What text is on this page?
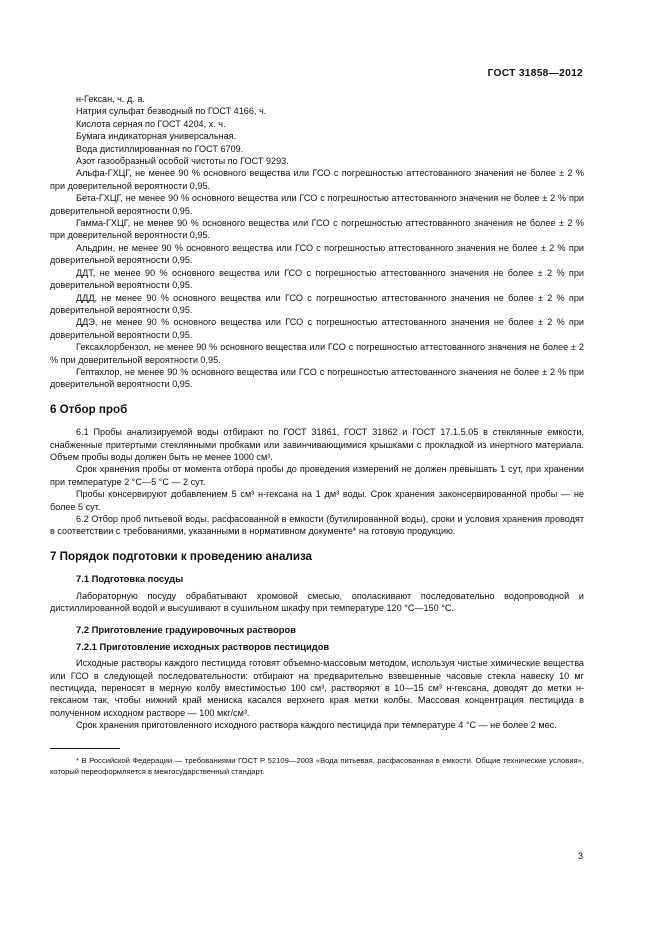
ГОСТ 31858—2012

н-Гексан, ч. д. а.

Натрия сульфат безводный по ГОСТ 4166, ч.

Кислота серная по ГОСТ 4204, х. ч.

Бумага индикаторная универсальная.

Вода дистиллированная по ГОСТ 6709.

Азот газообразный особой чистоты по ГОСТ 9293.

Альфа-ГХЦГ, не менее 90 % основного вещества или ГСО с погрешностью аттестованного значения не более ± 2 % при доверительной вероятности 0,95.

Бета-ГХЦГ, не менее 90 % основного вещества или ГСО с погрешностью аттестованного значения не более ± 2 % при доверительной вероятности 0,95.

Гамма-ГХЦГ, не менее 90 % основного вещества или ГСО с погрешностью аттестованного значения не более ± 2 % при доверительной вероятности 0,95.

Альдрин, не менее 90 % основного вещества или ГСО с погрешностью аттестованного значения не более ± 2 % при доверительной вероятности 0,95.

ДДТ, не менее 90 % основного вещества или ГСО с погрешностью аттестованного значения не более ± 2 % при доверительной вероятности 0,95.

ДДД, не менее 90 % основного вещества или ГСО с погрешностью аттестованного значения не более ± 2 % при доверительной вероятности 0,95.

ДДЭ, не менее 90 % основного вещества или ГСО с погрешностью аттестованного значения не более ± 2 % при доверительной вероятности 0,95.

Гексахлорбензол, не менее 90 % основного вещества или ГСО с погрешностью аттестованного значения не более ± 2 % при доверительной вероятности 0,95.

Гептахлор, не менее 90 % основного вещества или ГСО с погрешностью аттестованного значения не более ± 2 % при доверительной вероятности 0,95.

6 Отбор проб

6.1 Пробы анализируемой воды отбирают по ГОСТ 31861, ГОСТ 31862 и ГОСТ 17.1.5.05 в стеклянные емкости, снабженные притертыми стеклянными пробками или завинчивающимися крышками с прокладкой из инертного материала. Объем пробы воды должен быть не менее 1000 см³.

Срок хранения пробы от момента отбора пробы до проведения измерений не должен превышать 1 сут, при хранении при температуре 2 °С—5 °С — 2 сут.

Пробы консервируют добавлением 5 см³ н-гексана на 1 дм³ воды. Срок хранения законсервированной пробы — не более 5 сут.

6.2 Отбор проб питьевой воды, расфасованной в емкости (бутилированной воды), сроки и условия хранения проводят в соответствии с требованиями, указанными в нормативном документе* на готовую продукцию.

7 Порядок подготовки к проведению анализа
7.1 Подготовка посуды

Лабораторную посуду обрабатывают хромовой смесью, ополаскивают последовательно водопроводной и дистиллированной водой и высушивают в сушильном шкафу при температуре 120 °С—150 °С.

7.2 Приготовление градуировочных растворов
7.2.1 Приготовление исходных растворов пестицидов

Исходные растворы каждого пестицида готовят объемно-массовым методом, используя чистые химические вещества или ГСО в следующей последовательности: отбирают на предварительно взвешенные часовые стекла навеску 10 мг пестицида, переносят в мерную колбу вместимостью 100 см³, растворяют в 10—15 см³ н-гексана, доводят до метки н-гексаном так, чтобы нижний край мениска касался верхнего края метки колбы. Массовая концентрация пестицида в полученном исходном растворе — 100 мкг/см³.

Срок хранения приготовленного исходного раствора каждого пестицида при температуре 4 °С — не более 2 мес.

* В Российской Федерации — требованиями ГОСТ Р 52109—2003 «Вода питьевая, расфасованная в емкости. Общие технические условия», который переоформляется в межгосударственный стандарт.

3
